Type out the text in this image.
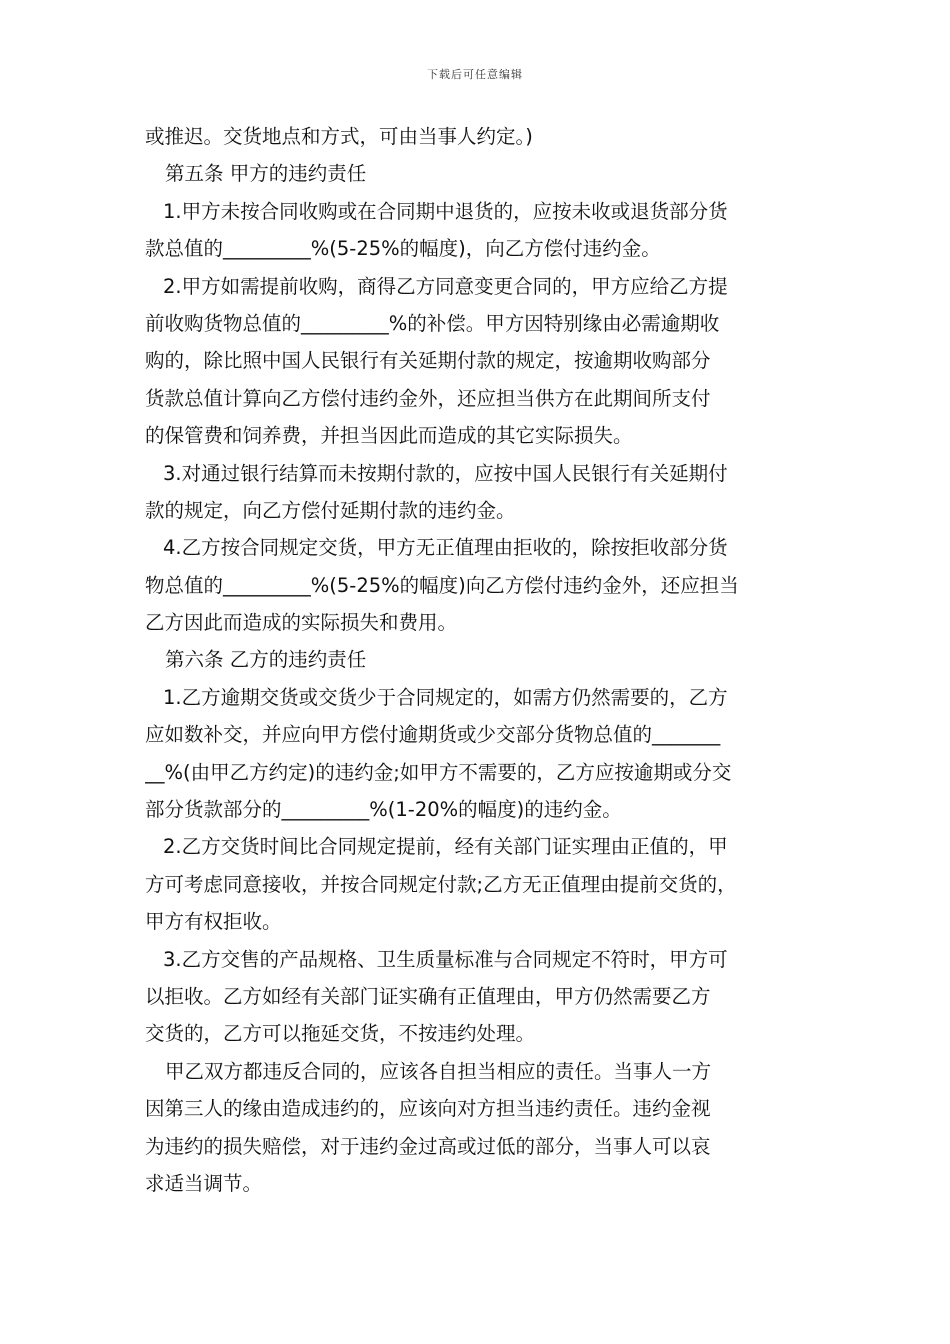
下载后可任意编辑
或推迟。交货地点和方式，可由当事人约定。)
第五条 甲方的违约责任
1.甲方未按合同收购或在合同期中退货的，应按未收或退货部分货
款总值的_________%(5-25%的幅度)，向乙方偿付违约金。
2.甲方如需提前收购，商得乙方同意变更合同的，甲方应给乙方提
前收购货物总值的_________%的补偿。甲方因特别缘由必需逾期收
购的，除比照中国人民银行有关延期付款的规定，按逾期收购部分
货款总值计算向乙方偿付违约金外，还应担当供方在此期间所支付
的保管费和饲养费，并担当因此而造成的其它实际损失。
3.对通过银行结算而未按期付款的，应按中国人民银行有关延期付
款的规定，向乙方偿付延期付款的违约金。
4.乙方按合同规定交货，甲方无正值理由拒收的，除按拒收部分货
物总值的_________%(5-25%的幅度)向乙方偿付违约金外，还应担当
乙方因此而造成的实际损失和费用。
第六条 乙方的违约责任
1.乙方逾期交货或交货少于合同规定的，如需方仍然需要的，乙方
应如数补交，并应向甲方偿付逾期货或少交部分货物总值的_______
__%(由甲乙方约定)的违约金;如甲方不需要的，乙方应按逾期或分交
部分货款部分的_________%(1-20%的幅度)的违约金。
2.乙方交货时间比合同规定提前，经有关部门证实理由正值的，甲
方可考虑同意接收，并按合同规定付款;乙方无正值理由提前交货的，
甲方有权拒收。
3.乙方交售的产品规格、卫生质量标准与合同规定不符时，甲方可
以拒收。乙方如经有关部门证实确有正值理由，甲方仍然需要乙方
交货的，乙方可以拖延交货，不按违约处理。
甲乙双方都违反合同的，应该各自担当相应的责任。当事人一方
因第三人的缘由造成违约的，应该向对方担当违约责任。违约金视
为违约的损失赔偿，对于违约金过高或过低的部分，当事人可以哀
求适当调节。
